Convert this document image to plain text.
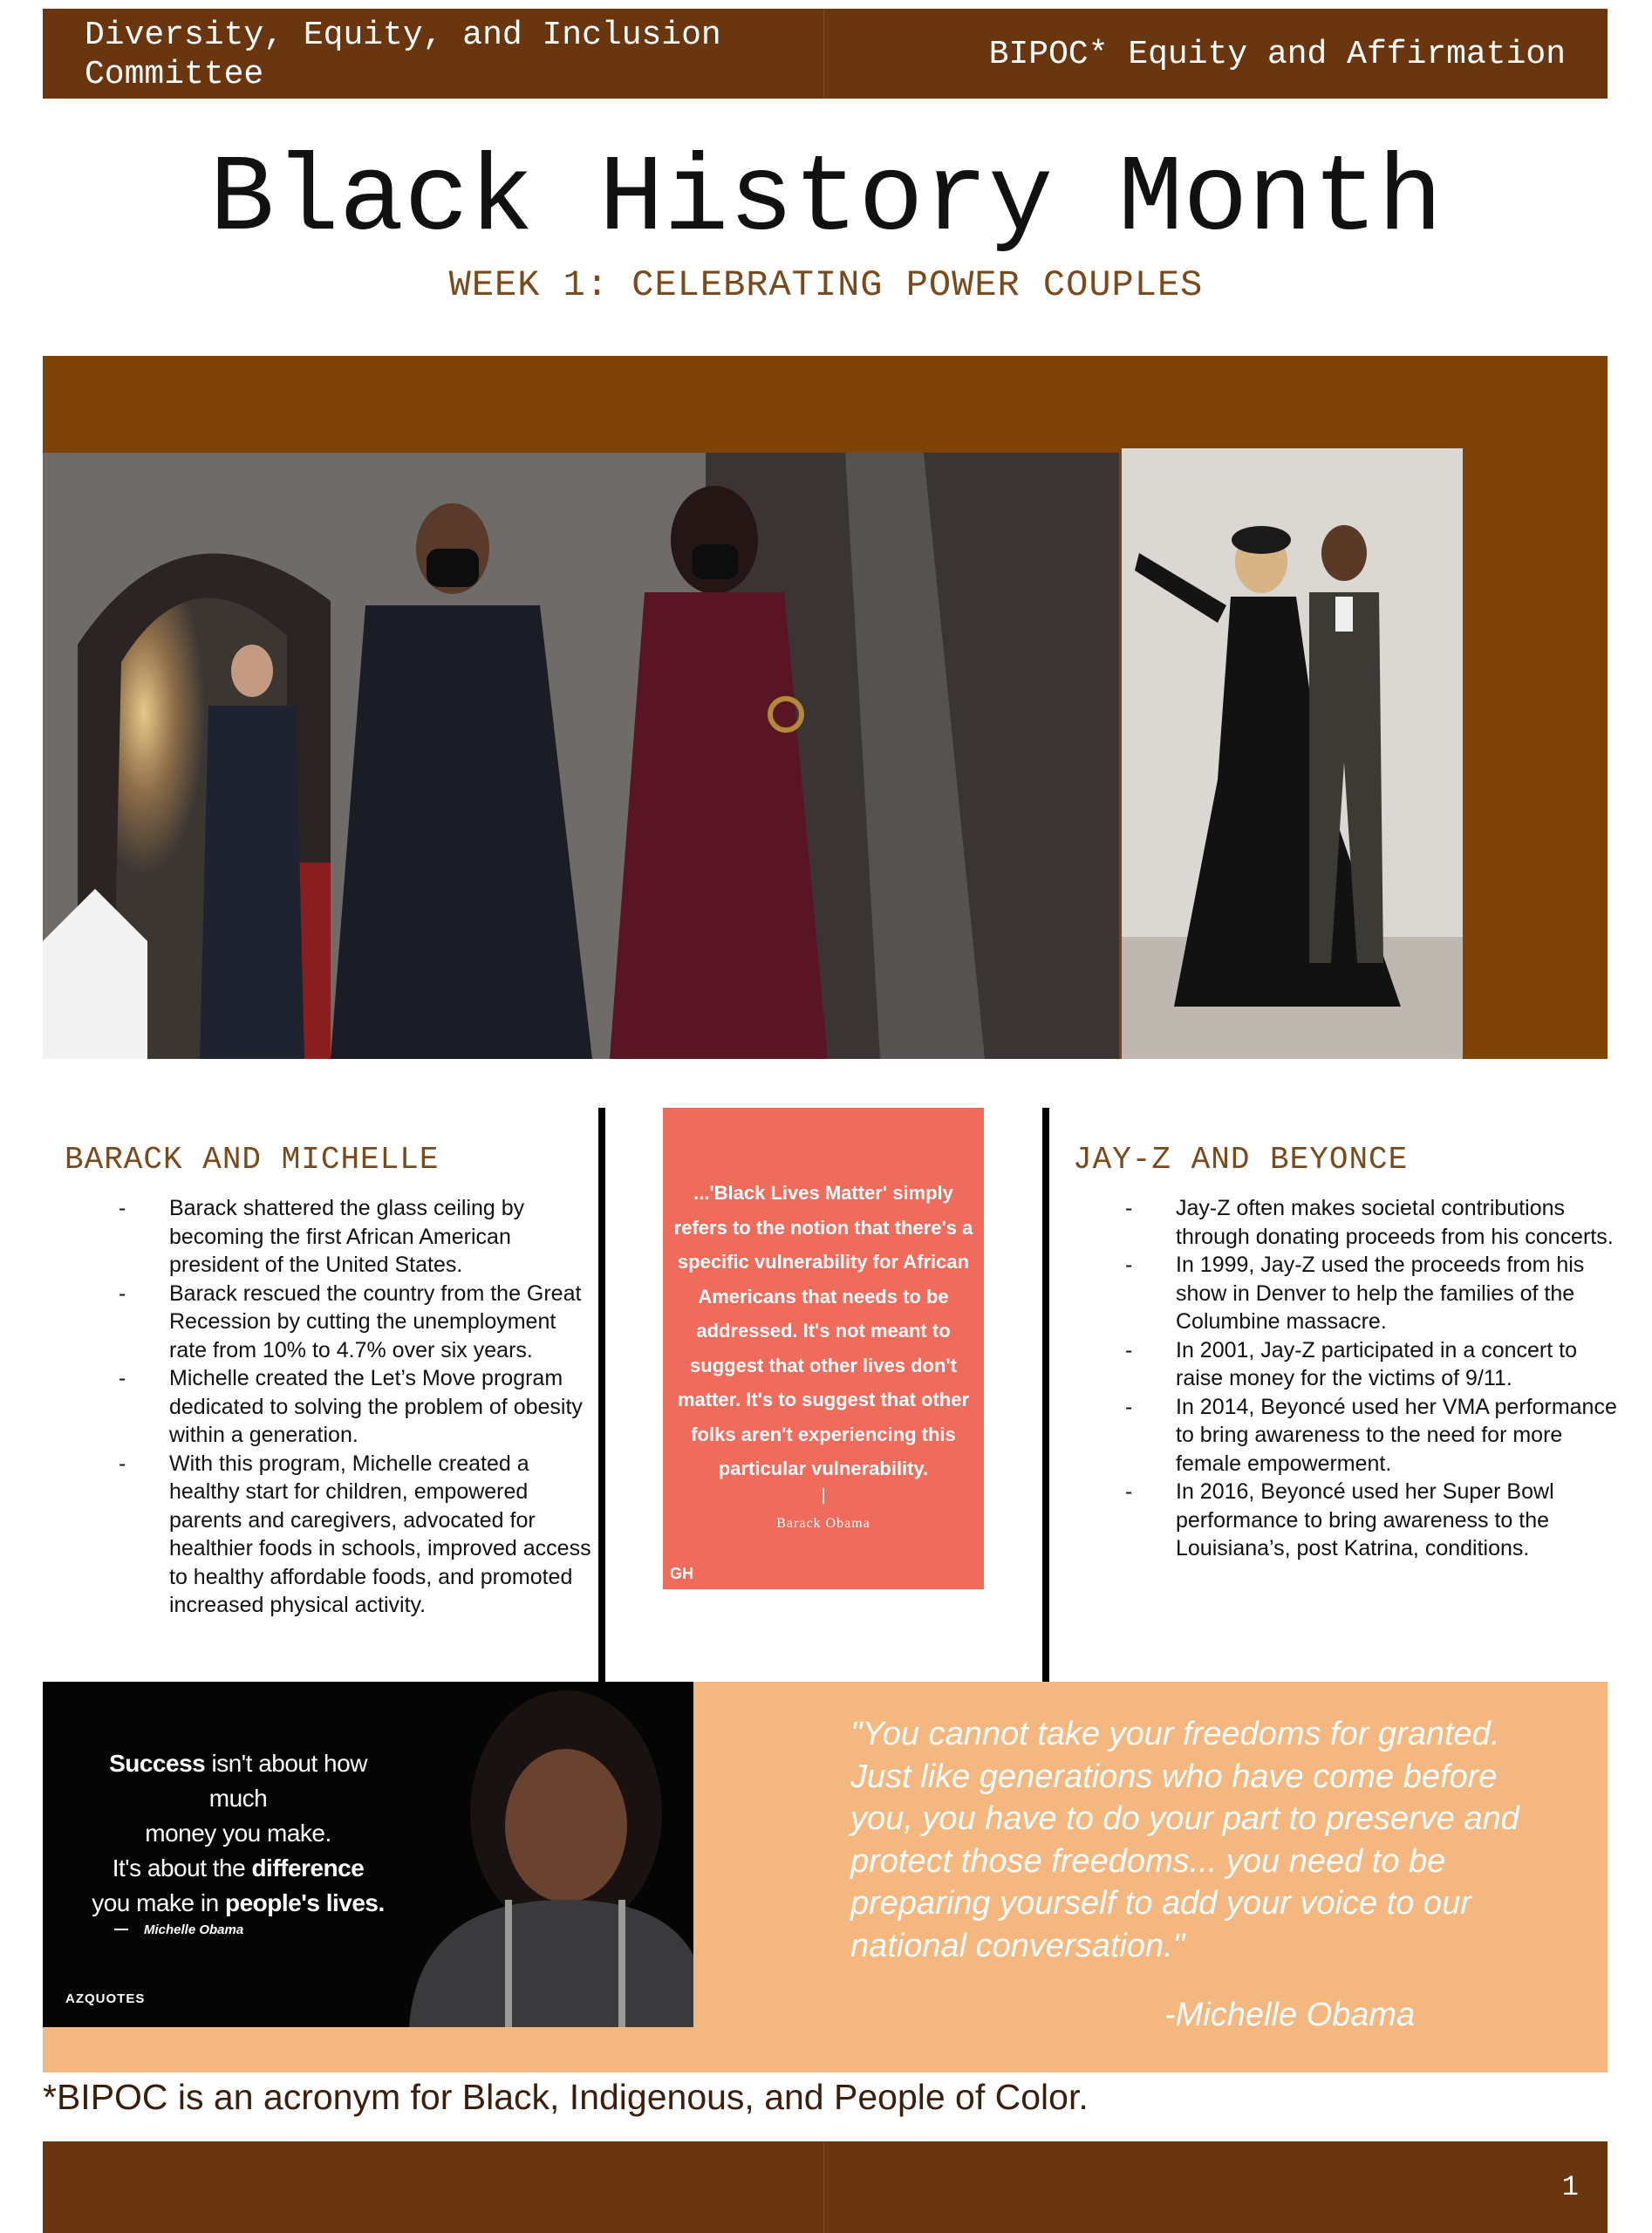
Diversity, Equity, and Inclusion
Committee
BIPOC* Equity and Affirmation
Black History Month
WEEK 1: CELEBRATING POWER COUPLES
BARACK AND MICHELLE
- Barack shattered the glass ceiling by becoming the first African American president of the United States.
- Barack rescued the country from the Great Recession by cutting the unemployment rate from 10% to 4.7% over six years.
- Michelle created the Let’s Move program dedicated to solving the problem of obesity within a generation.
- With this program, Michelle created a healthy start for children, empowered parents and caregivers, advocated for healthier foods in schools, improved access to healthy affordable foods, and promoted increased physical activity.
...'Black Lives Matter' simply refers to the notion that there's a specific vulnerability for African Americans that needs to be addressed. It's not meant to suggest that other lives don't matter. It's to suggest that other folks aren't experiencing this particular vulnerability.
Barack Obama
GH
JAY-Z AND BEYONCE
- Jay-Z often makes societal contributions through donating proceeds from his concerts.
- In 1999, Jay-Z used the proceeds from his show in Denver to help the families of the Columbine massacre.
- In 2001, Jay-Z participated in a concert to raise money for the victims of 9/11.
- In 2014, Beyoncé used her VMA performance to bring awareness to the need for more female empowerment.
- In 2016, Beyoncé used her Super Bowl performance to bring awareness to the Louisiana’s, post Katrina, conditions.
Success isn't about how much
money you make.
It's about the difference
you make in people's lives.
Michelle Obama
AZQUOTES
"You cannot take your freedoms for granted. Just like generations who have come before you, you have to do your part to preserve and protect those freedoms... you need to be preparing yourself to add your voice to our national conversation."
-Michelle Obama
*BIPOC is an acronym for Black, Indigenous, and People of Color.
1
